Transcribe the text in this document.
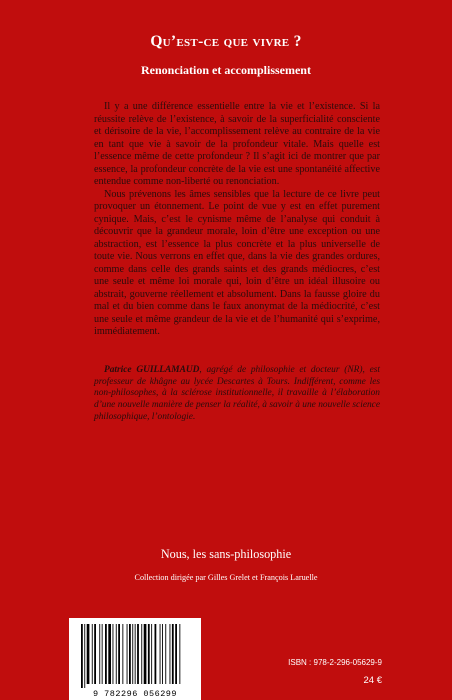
Qu’est-ce que vivre ?
Renonciation et accomplissement

Il y a une différence essentielle entre la vie et l’existence. Si la réussite relève de l’existence, à savoir de la superficialité consciente et dérisoire de la vie, l’accomplissement relève au contraire de la vie en tant que vie à savoir de la profondeur vitale. Mais quelle est l’essence même de cette profondeur ? Il s’agit ici de montrer que par essence, la profondeur concrète de la vie est une spontanéité affective entendue comme non-liberté ou renonciation.

Nous prévenons les âmes sensibles que la lecture de ce livre peut provoquer un étonnement. Le point de vue y est en effet purement cynique. Mais, c’est le cynisme même de l’analyse qui conduit à découvrir que la grandeur morale, loin d’être une exception ou une abstraction, est l’essence la plus concrète et la plus universelle de toute vie. Nous verrons en effet que, dans la vie des grandes ordures, comme dans celle des grands saints et des grands médiocres, c’est une seule et même loi morale qui, loin d’être un idéal illusoire ou abstrait, gouverne réellement et absolument. Dans la fausse gloire du mal et du bien comme dans le faux anonymat de la médiocrité, c’est une seule et même grandeur de la vie et de l’humanité qui s’exprime, immédiatement.

Patrice GUILLAMAUD, agrégé de philosophie et docteur (NR), est professeur de khâgne au lycée Descartes à Tours. Indifférent, comme les non-philosophes, à la sclérose institutionnelle, il travaille à l’élaboration d’une nouvelle manière de penser la réalité, à savoir à une nouvelle science philosophique, l’ontologie.
Nous, les sans-philosophie
Collection dirigée par Gilles Grelet et François Laruelle
9 782296 056299
ISBN : 978-2-296-05629-9
24 €
